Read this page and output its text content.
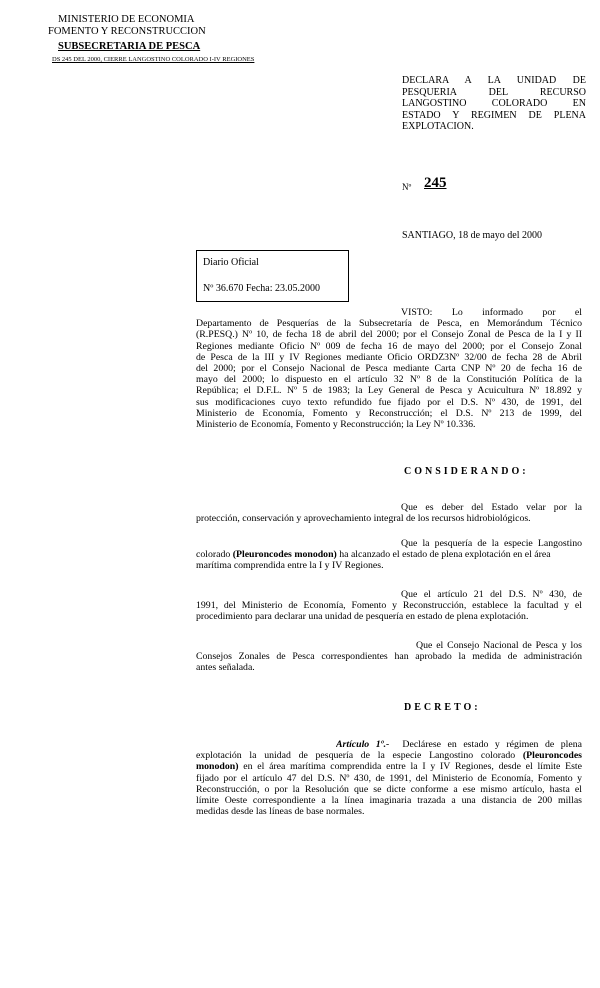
MINISTERIO DE ECONOMIA
FOMENTO Y RECONSTRUCCION
SUBSECRETARIA DE PESCA
DS 245 DEL 2000, CIERRE LANGOSTINO COLORADO I-IV REGIONES
DECLARA A LA UNIDAD DE
PESQUERIA DEL RECURSO
LANGOSTINO COLORADO EN
ESTADO Y REGIMEN DE PLENA
EXPLOTACIÓN.
Nº 245
SANTIAGO, 18 de mayo del 2000
Diario Oficial
Nº 36.670 Fecha: 23.05.2000
VISTO: Lo informado por el
Departamento de Pesquerías de la Subsecretaría de Pesca, en Memorándum Técnico
(R.PESQ.) Nº 10, de fecha 18 de abril del 2000; por el Consejo Zonal de Pesca de la I y II
Regiones mediante Oficio Nº 009 de fecha 16 de mayo del 2000; por el Consejo Zonal
de Pesca de la III y IV Regiones mediante Oficio ORDZ3Nº 32/00 de fecha 28 de Abril
del 2000; por el Consejo Nacional de Pesca mediante Carta CNP Nº 20 de fecha 16 de
mayo del 2000; lo dispuesto en el artículo 32 Nº 8 de la Constitución Política de la
República; el D.F.L. Nº 5 de 1983; la Ley General de Pesca y Acuicultura Nº 18.892 y
sus modificaciones cuyo texto refundido fue fijado por el D.S. Nº 430, de 1991, del
Ministerio de Economía, Fomento y Reconstrucción; el D.S. Nº 213 de 1999, del
Ministerio de Economía, Fomento y Reconstrucción; la Ley Nº 10.336.
CONSIDERANDO:
Que es deber del Estado velar por la
protección, conservación y aprovechamiento integral de los recursos hidrobiológicos.
Que la pesquería de la especie Langostino
colorado (Pleuroncodes monodon) ha alcanzado el estado de plena explotación en el área
marítima comprendida entre la I y IV Regiones.
Que el artículo 21 del D.S. Nº 430, de
1991, del Ministerio de Economía, Fomento y Reconstrucción, establece la facultad y el
procedimiento para declarar una unidad de pesquería en estado de plena explotación.
Que el Consejo Nacional de Pesca y los
Consejos Zonales de Pesca correspondientes han aprobado la medida de administración
antes señalada.
DECRETO:
Artículo 1º.- Declárese en estado y régimen de plena
explotación la unidad de pesquería de la especie Langostino colorado (Pleuroncodes
monodon) en el área marítima comprendida entre la I y IV Regiones, desde el límite Este
fijado por el artículo 47 del D.S. Nº 430, de 1991, del Ministerio de Economía, Fomento y
Reconstrucción, o por la Resolución que se dicte conforme a ese mismo artículo, hasta el
límite Oeste correspondiente a la línea imaginaria trazada a una distancia de 200 millas
medidas desde las líneas de base normales.
